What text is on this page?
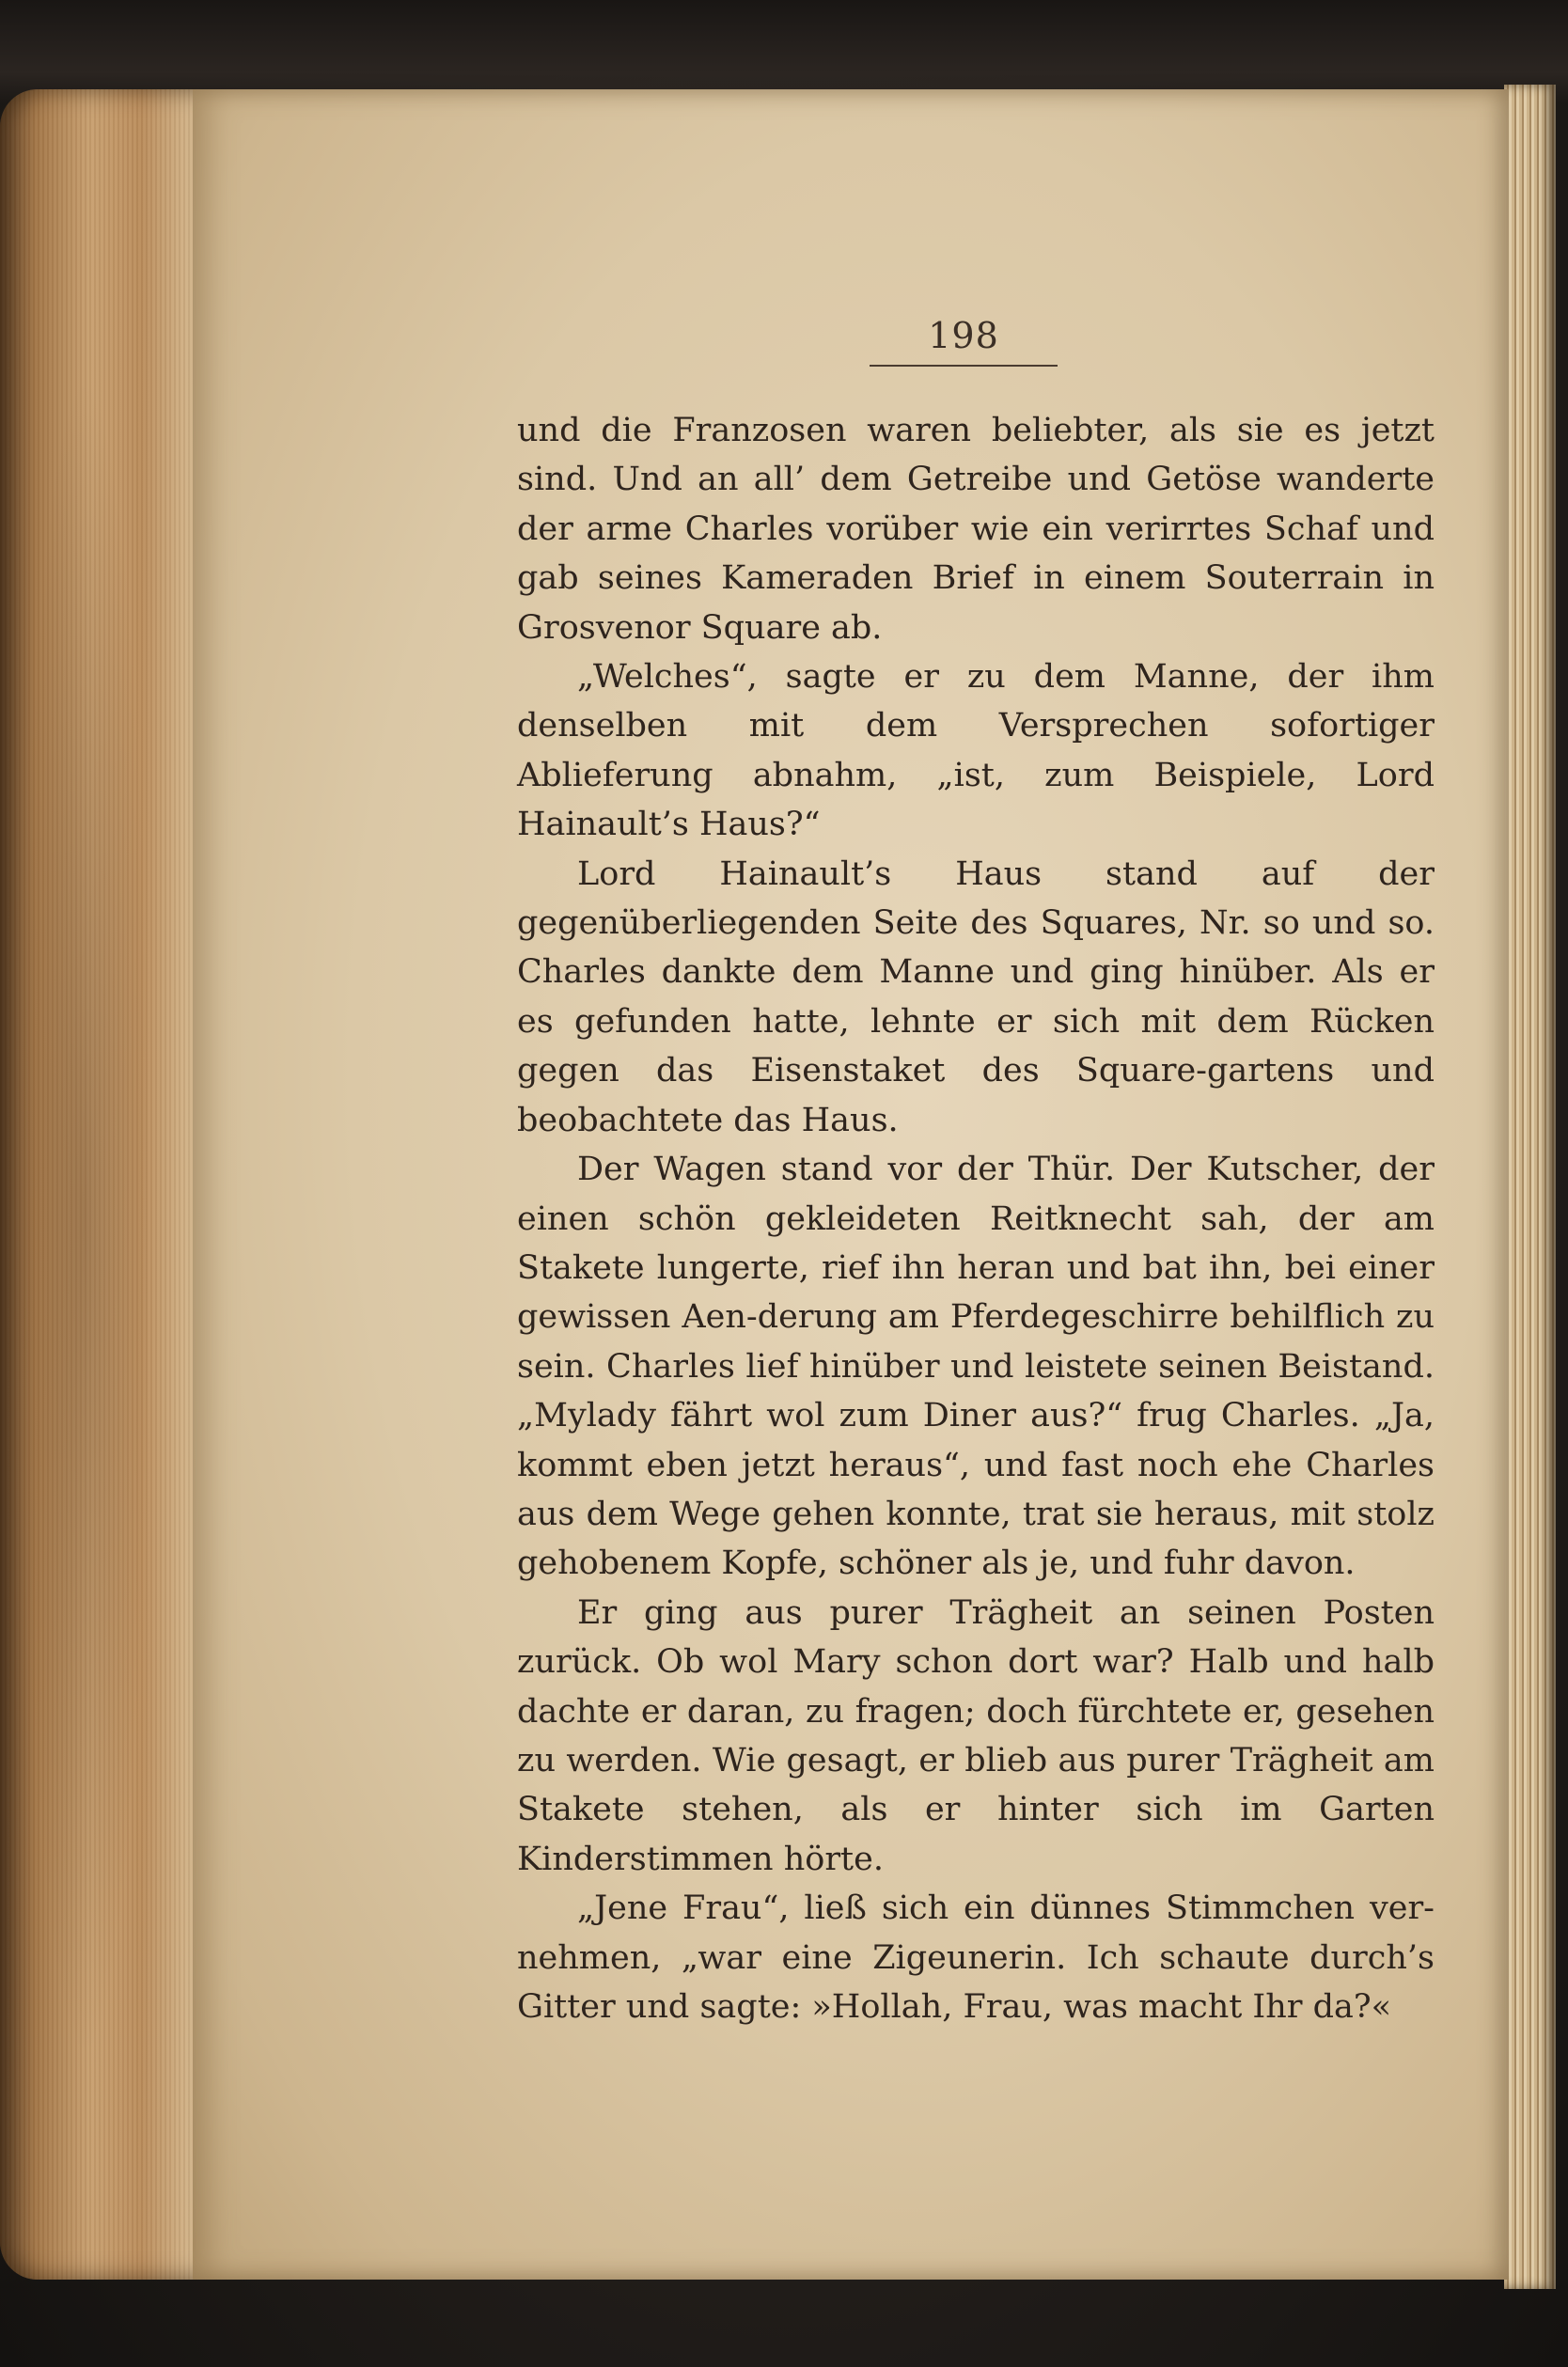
198

und die Franzosen waren beliebter, als sie es jetzt sind. Und an all’ dem Getreibe und Getöse wanderte der arme Charles vorüber wie ein verirrtes Schaf und gab seines Kameraden Brief in einem Souterrain in Grosvenor Square ab.

„Welches“, sagte er zu dem Manne, der ihm denselben mit dem Versprechen sofortiger Ablieferung abnahm, „ist, zum Beispiele, Lord Hainault’s Haus?“

Lord Hainault’s Haus stand auf der gegenüberliegenden Seite des Squares, Nr. so und so. Charles dankte dem Manne und ging hinüber. Als er es gefunden hatte, lehnte er sich mit dem Rücken gegen das Eisenstaket des Square-gartens und beobachtete das Haus.

Der Wagen stand vor der Thür. Der Kutscher, der einen schön gekleideten Reitknecht sah, der am Stakete lungerte, rief ihn heran und bat ihn, bei einer gewissen Aen-derung am Pferdegeschirre behilflich zu sein. Charles lief hinüber und leistete seinen Beistand. „Mylady fährt wol zum Diner aus?“ frug Charles. „Ja, kommt eben jetzt heraus“, und fast noch ehe Charles aus dem Wege gehen konnte, trat sie heraus, mit stolz gehobenem Kopfe, schöner als je, und fuhr davon.

Er ging aus purer Trägheit an seinen Posten zurück. Ob wol Mary schon dort war? Halb und halb dachte er daran, zu fragen; doch fürchtete er, gesehen zu werden. Wie gesagt, er blieb aus purer Trägheit am Stakete stehen, als er hinter sich im Garten Kinderstimmen hörte.

„Jene Frau“, ließ sich ein dünnes Stimmchen ver-nehmen, „war eine Zigeunerin. Ich schaute durch’s Gitter und sagte: »Hollah, Frau, was macht Ihr da?«
